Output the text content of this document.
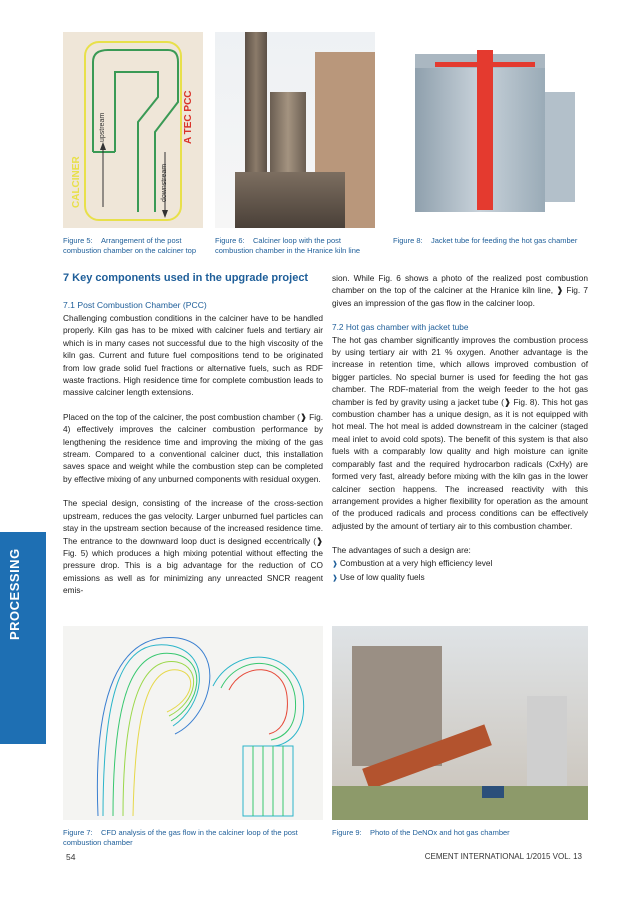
PROCESSING
CALCINER
A TEC PCC
upstream
downstream
Figure 5: Arrangement of the post combustion chamber on the calciner top
Figure 6: Calciner loop with the post combustion chamber in the Hranice kiln line
Figure 8: Jacket tube for feeding the hot gas chamber
7 Key components used in the upgrade project
7.1 Post Combustion Chamber (PCC)

Challenging combustion conditions in the calciner have to be handled properly. Kiln gas has to be mixed with calciner fuels and tertiary air which is in many cases not successful due to the high viscosity of the kiln gas. Current and future fuel compositions tend to be originated from low grade solid fuel fractions or alternative fuels, such as RDF waste fractions. High residence time for complete combustion leads to massive calciner length extensions.

Placed on the top of the calciner, the post combustion chamber (❱ Fig. 4) effectively improves the calciner combustion performance by lengthening the residence time and improving the mixing of the gas stream. Compared to a conventional calciner duct, this installation saves space and weight while the combustion step can be completed by effective mixing of any unburned components with residual oxygen.

The special design, consisting of the increase of the cross-section upstream, reduces the gas velocity. Larger unburned fuel particles can stay in the upstream section because of the increased residence time. The entrance to the downward loop duct is designed eccentrically (❱ Fig. 5) which produces a high mixing potential without effecting the pressure drop. This is a big advantage for the reduction of CO emissions as well as for minimizing any unreacted SNCR reagent emis-

sion. While Fig. 6 shows a photo of the realized post combustion chamber on the top of the calciner at the Hranice kiln line, ❱ Fig. 7 gives an impression of the gas flow in the calciner loop.

7.2 Hot gas chamber with jacket tube

The hot gas chamber significantly improves the combustion process by using tertiary air with 21 % oxygen. Another advantage is the increase in retention time, which allows improved combustion of bigger particles. No special burner is used for feeding the hot gas chamber. The RDF-material from the weigh feeder to the hot gas chamber is fed by gravity using a jacket tube (❱ Fig. 8). This hot gas combustion chamber has a unique design, as it is not equipped with hot meal. The hot meal is added downstream in the calciner (staged meal inlet to avoid cold spots). The benefit of this system is that also fuels with a comparably low quality and high moisture can ignite comparably fast and the required hydrocarbon radicals (CxHy) are formed very fast, already before mixing with the kiln gas in the lower calciner section happens. The increased reactivity with this arrangement provides a higher flexibility for operation as the amount of the produced radicals and process conditions can be effectively adjusted by the amount of tertiary air to this combustion chamber.

The advantages of such a design are:
❱ Combustion at a very high efficiency level
❱ Use of low quality fuels
Figure 7: CFD analysis of the gas flow in the calciner loop of the post combustion chamber
Figure 9: Photo of the DeNOx and hot gas chamber
54	CEMENT INTERNATIONAL 1/2015 VOL. 13
